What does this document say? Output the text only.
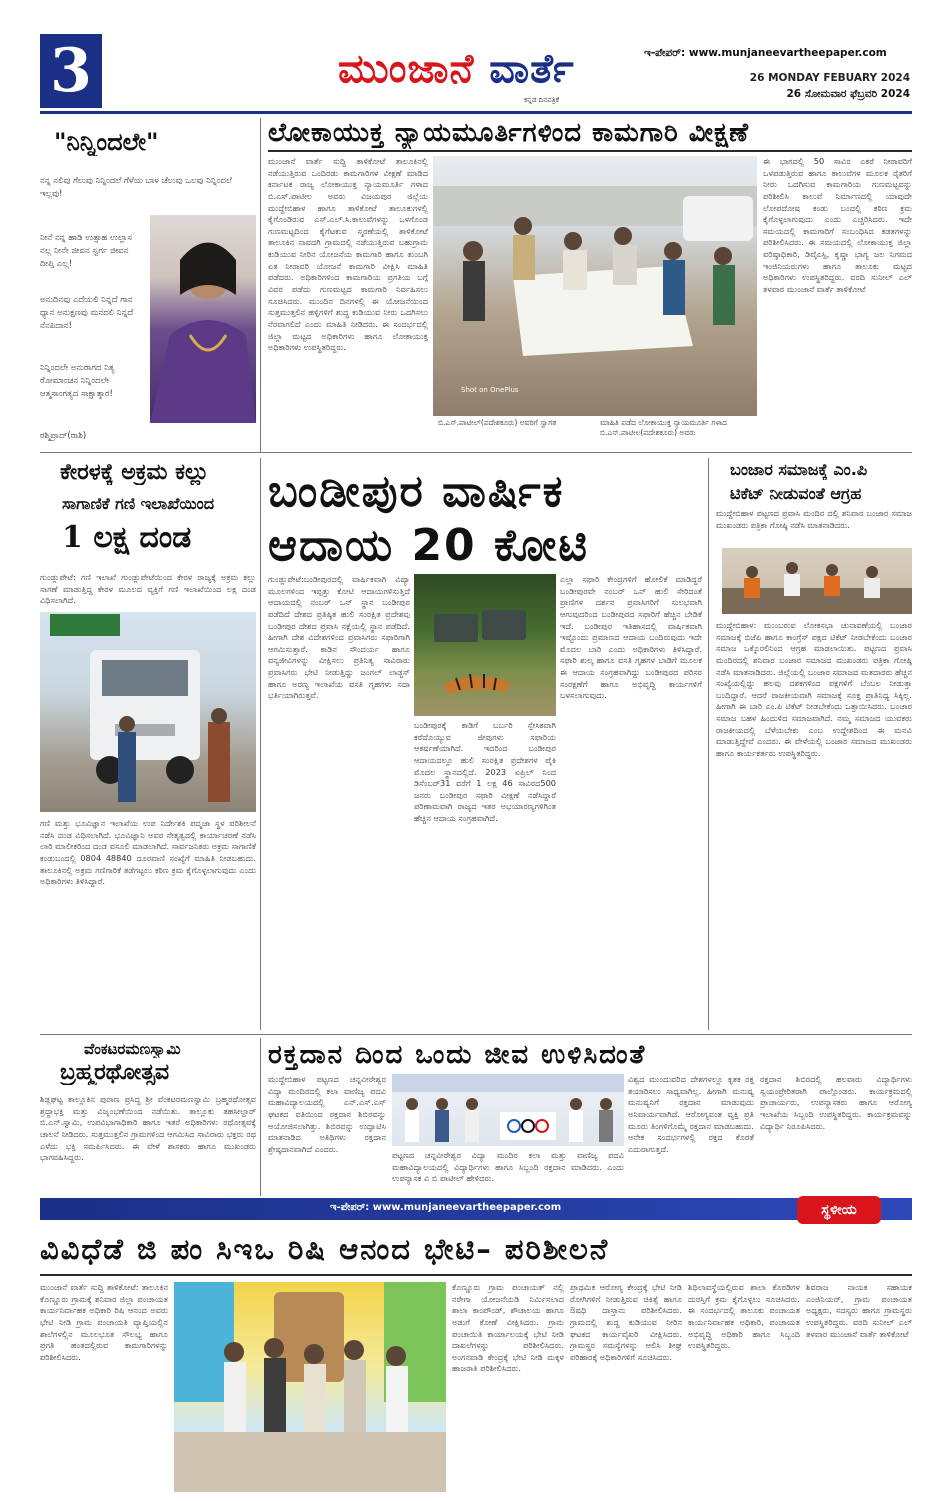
3	ಮುಂಜಾನೆ ವಾರ್ತೆ
ಕನ್ನಡ ದಿನಪತ್ರಿಕೆ
ಇ-ಪೇಪರ್: www.munjaneevartheepaper.com
26 MONDAY FEBUARY 2024
26 ಸೋಮವಾರ ಫೆಬ್ರವರಿ 2024
"ನಿನ್ನಿಂದಲೇ"
ನನ್ನ ನಲಿವು ಗೆಲುವು ನಿನ್ನಿಂದಲೆ ಗೆಳೆಯ ಬಾಳ ಚೆಲುವು ಒಲವು ನಿನ್ನಿಂದಲೆ ಇಲ್ಲವು!
ನೀನೆ ನನ್ನ ಹಾಡಿ ಉತ್ಸಾಹ ಉಲ್ಲಾಸ ನಲ್ಲ ನೀನೇ ಜೀವನ ಸ್ವರ್ಗ ಜೀವನ ದೀಪ್ತಿ ಎಲ್ಲ!
ಅನುದಿನವು ಎದೆಯಲಿ ನಿನ್ನದೆ ಗಾನ ಧ್ಯಾನ ಅನುಕ್ಷಣವು ಮನದಲಿ ನಿನ್ನದೆ ನೆನಪಿದಾನ!
ನಿನ್ನಿಂದಲೇ ಅನುರಾಗದ ನಿತ್ಯ ರೋಮಾಂಚನ ನಿನ್ನಿಂದಲೇ ಆತ್ಮಸಾಂಗತ್ಯದ ಸಾಕ್ಷಾತ್ಕಾರ!
ರಶ್ಮಿಪ್ರಾದ್(ರಾಶಿ)
ಲೋಕಾಯುಕ್ತ ನ್ಯಾಯಮೂರ್ತಿಗಳಿಂದ ಕಾಮಗಾರಿ ವೀಕ್ಷಣೆ
ಮುಂಜಾನೆ ವಾರ್ತೆ ಸುದ್ದಿ ತಾಳಿಕೋಟೆ ತಾಲೂಕಿನಲ್ಲಿ ನಡೆಯುತ್ತಿರುವ ಒಂದಿರಡು ಕಾಮಗಾರಿಗಳ ವೀಕ್ಷಣೆ ಮಾಡಿದ ಕರ್ನಾಟಕ ರಾಜ್ಯ ಲೋಕಾಯುಕ್ತ ನ್ಯಾಯಮೂರ್ತಿ ಗಳಾದ ಬಿ.ಎಸ್.ಪಾಟೀಲ ಅವರು ವಿಜಯಪುರ ಜಿಲ್ಲೆಯ ಮುದ್ದೇಬಿಹಾಳ ಹಾಗೂ ತಾಳಿಕೋಟೆ ತಾಲೂಕುಗಳಲ್ಲಿ ಕೈಗೊಂಡಿರುವ ಎಸ್.ಎಲ್.ಸಿ.ಕಾಲುವೆಗಳನ್ನು ಒಳಗೊಂಡ ಗುಣಮಟ್ಟದಿಂದ ಕೈಗೆಟಕುವ ಸ್ಮರಣೆಯಲ್ಲಿ ತಾಳಿಕೋಟೆ ತಾಲೂಕಿನ ನಾವದಗಿ ಗ್ರಾಮದಲ್ಲಿ ನಡೆಯುತ್ತಿರುವ ಬಹುಗ್ರಾಮ ಕುಡಿಯುವ ನೀರಿನ ಯೋಜನೆಯ ಕಾಮಗಾರಿ ಹಾಗೂ ತುಂಬಗಿ ಏತ ನೀರಾವರಿ ಯೋಜನೆ ಕಾಮಗಾರಿ ವೀಕ್ಷಿಸಿ ಮಾಹಿತಿ ಪಡೆದರು. ಅಧಿಕಾರಿಗಳಿಂದ ಕಾಮಗಾರಿಯ ಪ್ರಗತಿಯ ಬಗ್ಗೆ ವಿವರ ಪಡೆದು ಗುಣಮಟ್ಟದ ಕಾಮಗಾರಿ ನಿರ್ವಹಿಸಲು ಸೂಚಿಸಿದರು. ಮುಂದಿನ ದಿನಗಳಲ್ಲಿ ಈ ಯೋಜನೆಯಿಂದ ಸುತ್ತಮುತ್ತಲಿನ ಹಳ್ಳಿಗಳಿಗೆ ಶುದ್ಧ ಕುಡಿಯುವ ನೀರು ಒದಗಿಸಲು ನೆರವಾಗಲಿದೆ ಎಂದು ಮಾಹಿತಿ ನೀಡಿದರು. ಈ ಸಂದರ್ಭದಲ್ಲಿ ಜಿಲ್ಲಾ ಮಟ್ಟದ ಅಧಿಕಾರಿಗಳು ಹಾಗೂ ಲೋಕಾಯುಕ್ತ ಅಧಿಕಾರಿಗಳು ಉಪಸ್ಥಿತರಿದ್ದರು.
Shot on OnePlus
ಬಿ.ಎಸ್.ಪಾಟೀಲ್(ಪದೇಶಕೂರು) ಅವರಿಗೆ ಸ್ವಾಗತ	ಮಾಹಿತಿ ಪಡೆದ ಲೋಕಾಯುಕ್ತ ನ್ಯಾಯಮೂರ್ತಿ ಗಳಾದ ಬಿ.ಎಸ್.ಪಾಟೀಲ(ಪದೇಶಕೂರು) ಅವರು
ಈ ಭಾಗದಲ್ಲಿ 50 ಸಾವಿರ ಎಕರೆ ನೀರಾವರಿಗೆ ಒಳಪಡುತ್ತಿರುವ ಹಾಗೂ ಕಾಲುವೆಗಳ ಮೂಲಕ ರೈತರಿಗೆ ನೀರು ಒದಗಿಸುವ ಕಾಮಗಾರಿಯ ಗುಣಮಟ್ಟವನ್ನು ಪರಿಶೀಲಿಸಿ ಕಾಲುವೆ ನಿರ್ಮಾಣದಲ್ಲಿ ಯಾವುದೇ ಲೋಪದೋಷ ಕಂಡು ಬಂದಲ್ಲಿ ಕಠಿಣ ಕ್ರಮ ಕೈಗೊಳ್ಳಲಾಗುವುದು ಎಂದು ಎಚ್ಚರಿಸಿದರು. ಇದೇ ಸಮಯದಲ್ಲಿ ಕಾಮಗಾರಿಗೆ ಸಂಬಂಧಿಸಿದ ಕಡತಗಳನ್ನು ಪರಿಶೀಲಿಸಿದರು. ಈ ಸಮಯದಲ್ಲಿ ಲೋಕಾಯುಕ್ತ ಜಿಲ್ಲಾ ವರಿಷ್ಠಾಧಿಕಾರಿ, ಡಿವೈಎಸ್ಪಿ, ಕೃಷ್ಣಾ ಭಾಗ್ಯ ಜಲ ನಿಗಮದ ಇಂಜಿನಿಯರುಗಳು ಹಾಗೂ ತಾಲೂಕು ಮಟ್ಟದ ಅಧಿಕಾರಿಗಳು ಉಪಸ್ಥಿತರಿದ್ದರು. ವರದಿ ಸುನೀಲ್ ಎಲ್ ತಳವಾರ ಮುಂಜಾನೆ ವಾರ್ತೆ ತಾಳಿಕೋಟೆ
ಕೇರಳಕ್ಕೆ ಅಕ್ರಮ ಕಲ್ಲು
ಸಾಗಾಣಿಕೆ ಗಣಿ ಇಲಾಖೆಯಿಂದ
1 ಲಕ್ಷ ದಂಡ
ಗುಂಡ್ಲುಪೇಟೆ: ಗಣಿ ಇಲಾಖೆ ಗುಂಡ್ಲುಪೇಟೆಯಿಂದ ಕೇರಳ ರಾಜ್ಯಕ್ಕೆ ಅಕ್ರಮ ಕಲ್ಲು ಸಾಗಣೆ ಮಾಡುತ್ತಿದ್ದ ಕೇರಳ ಮೂಲದ ವ್ಯಕ್ತಿಗೆ ಗಣಿ ಇಲಾಖೆಯಿಂದ ಲಕ್ಷ ದಂಡ ವಿಧಿಸಲಾಗಿದೆ.
ಗಣಿ ಮತ್ತು ಭೂವಿಜ್ಞಾನ ಇಲಾಖೆಯ ಉಪ ನಿರ್ದೇಶಕಿ ಪದ್ಮಜಾ ಸ್ಥಳ ಪರಿಶೀಲನೆ ನಡೆಸಿ ದಂಡ ವಿಧಿಸಲಾಗಿದೆ. ಭೂವಿಜ್ಞಾನಿ ಅವರ ನೇತೃತ್ವದಲ್ಲಿ ಕಾರ್ಯಾಚರಣೆ ನಡೆಸಿ ಲಾರಿ ಮಾಲೀಕರಿಂದ ದಂಡ ವಸೂಲಿ ಮಾಡಲಾಗಿದೆ. ಸಾರ್ವಜನಿಕರು ಅಕ್ರಮ ಸಾಗಾಣಿಕೆ ಕಂಡುಬಂದಲ್ಲಿ 0804 48840 ದೂರವಾಣಿ ಸಂಖ್ಯೆಗೆ ಮಾಹಿತಿ ನೀಡಬಹುದು. ತಾಲೂಕಿನಲ್ಲಿ ಅಕ್ರಮ ಗಣಿಗಾರಿಕೆ ತಡೆಗಟ್ಟಲು ಕಠಿಣ ಕ್ರಮ ಕೈಗೊಳ್ಳಲಾಗುವುದು ಎಂದು ಅಧಿಕಾರಿಗಳು ತಿಳಿಸಿದ್ದಾರೆ.
ಬಂಡೀಪುರ ವಾರ್ಷಿಕ
ಆದಾಯ 20 ಕೋಟಿ
ಗುಂಡ್ಲುಪೇಟೆ:ಬಂಡೀಪುರದಲ್ಲಿ ವಾರ್ಷಿಕವಾಗಿ ವಿದ್ಯಾ ಮೂಲಗಳಿಂದ ಇಪ್ಪತ್ತು ಕೋಟಿ ಆದಾಯಗಳಿಸುತ್ತಿದೆ ಆದಾಯದಲ್ಲಿ ನಂಬರ್ ಒನ್ ಸ್ಥಾನ ಬಂಡೀಪುರ ಪಡೆದಿದೆ ದೇಶದ ಪ್ರತಿಷ್ಠಿತ ಹುಲಿ ಸಂರಕ್ಷಿತ ಪ್ರದೇಶವು ಬಂಡೀಪುರ ದೇಶದ ಪ್ರವಾಸಿ ನಕ್ಷೆಯಲ್ಲಿ ಸ್ಥಾನ ಪಡೆದಿದೆ. ಹೀಗಾಗಿ ದೇಶ ವಿದೇಶಗಳಿಂದ ಪ್ರವಾಸಿಗರು ಸಫಾರಿಗಾಗಿ ಆಗಮಿಸುತ್ತಾರೆ. ಕಾಡಿನ ಸೌಂದರ್ಯ ಹಾಗೂ ವನ್ಯಜೀವಿಗಳನ್ನು ವೀಕ್ಷಿಸಲು ಪ್ರತಿನಿತ್ಯ ಸಾವಿರಾರು ಪ್ರವಾಸಿಗರು ಭೇಟಿ ನೀಡುತ್ತಿದ್ದು ಜಂಗಲ್ ಲಾಡ್ಜಸ್ ಹಾಗೂ ಅರಣ್ಯ ಇಲಾಖೆಯ ವಸತಿ ಗೃಹಗಳು ಸದಾ ಭರ್ತಿಯಾಗಿರುತ್ತವೆ.
ಬಂಡೀಪುರಕ್ಕೆ ಕಾಡಿಗೆ ಬರ್ಬರಿ ಸ್ಫೇಸಿಕವಾಗಿ ಕರೆದೊಯ್ಯುವ ಜೀಪುಗಳು ಸಫಾರಿಯ ಆಕರ್ಷಣೆಯಾಗಿದೆ. ಇದರಿಂದ ಬಂಡೀಪುರ ಆದಾಯದಲ್ಲೂ ಹುಲಿ ಸಂರಕ್ಷಿತ ಪ್ರದೇಶಗಳ ಪೈಕಿ ಮೊದಲ ಸ್ಥಾನದಲ್ಲಿದೆ. 2023 ಏಪ್ರಿಲ್ ನಿಂದ ಡಿಸೆಂಬರ್31 ವರೆಗೆ 1 ಲಕ್ಷ 46 ಸಾವಿರದ500 ಜನರು ಬಂಡೀಪುರ ಸಫಾರಿ ವೀಕ್ಷಣೆ ನಡೆಸಿದ್ದಾರೆ ಪರಿಣಾಮವಾಗಿ ರಾಜ್ಯದ ಇತರ ಅಭಯಾರಣ್ಯಗಳಿಗಿಂತ ಹೆಚ್ಚಿನ ಆದಾಯ ಸಂಗ್ರಹವಾಗಿದೆ.
ಎಲ್ಲಾ ಸಫಾರಿ ಕೇಂದ್ರಗಳಿಗೆ ಹೋಲಿಕೆ ಮಾಡಿದ್ದರೆ ಬಂಡೀಪುರವೇ ನಂಬರ್ ಒನ್ ಹುಲಿ ಸೇರಿದಂತೆ ಪ್ರಾಣಿಗಳ ದರ್ಶನ ಪ್ರವಾಸಿಗರಿಗೆ ಸುಲಭವಾಗಿ ಆಗುವುದರಿಂದ ಬಂಡೀಪುರದ ಸಫಾರಿಗೆ ಹೆಚ್ಚಿನ ಬೇಡಿಕೆ ಇದೆ. ಬಂಡೀಪುರ ಇತಿಹಾಸದಲ್ಲಿ ವಾರ್ಷಿಕವಾಗಿ ಇಷ್ಟೊಂದು ಪ್ರಮಾಣದ ಆದಾಯ ಬಂದಿರುವುದು ಇದೇ ಮೊದಲ ಬಾರಿ ಎಂದು ಅಧಿಕಾರಿಗಳು ತಿಳಿಸಿದ್ದಾರೆ. ಸಫಾರಿ ಶುಲ್ಕ ಹಾಗೂ ವಸತಿ ಗೃಹಗಳ ಬಾಡಿಗೆ ಮೂಲಕ ಈ ಆದಾಯ ಸಂಗ್ರಹವಾಗಿದ್ದು ಬಂಡೀಪುರದ ಪರಿಸರ ಸಂರಕ್ಷಣೆಗೆ ಹಾಗೂ ಅಭಿವೃದ್ಧಿ ಕಾರ್ಯಗಳಿಗೆ ಬಳಸಲಾಗುವುದು.
ಬಂಜಾರ ಸಮಾಜಕ್ಕೆ ಎಂ.ಪಿ
ಟಿಕೆಟ್ ನೀಡುವಂತೆ ಆಗ್ರಹ
ಮುದ್ದೇಬಿಹಾಳ ಪಟ್ಟಣದ ಪ್ರವಾಸಿ ಮಂದಿರ ದಲ್ಲಿ ಶನಿವಾರ ಬಂಜಾರ ಸಮಾಜ ಮುಖಂಡರು ಪತ್ರಿಕಾ ಗೋಷ್ಠಿ ನಡೆಸಿ ಮಾತನಾಡಿದರು.
ಮುದ್ದೇಬಿಹಾಳ: ಮುಂಬರುವ ಲೋಕಸಭಾ ಚುನಾವಣೆಯಲ್ಲಿ ಬಂಜಾರ ಸಮಾಜಕ್ಕೆ ಬಿಜೆಪಿ ಹಾಗೂ ಕಾಂಗ್ರೆಸ್ ಪಕ್ಷದ ಟಿಕೆಟ್ ನೀಡಬೇಕೆಂದು ಬಂಜಾರ ಸಮಾಜ ಒಕ್ಕೊರಲಿನಿಂದ ಆಗ್ರಹ ಮಾಡಲಾಯಿತು. ಪಟ್ಟಣದ ಪ್ರವಾಸಿ ಮಂದಿರದಲ್ಲಿ ಶನಿವಾರ ಬಂಜಾರ ಸಮಾಜದ ಮುಖಂಡರು ಪತ್ರಿಕಾ ಗೋಷ್ಠಿ ನಡೆಸಿ ಮಾತನಾಡಿದರು. ಜಿಲ್ಲೆಯಲ್ಲಿ ಬಂಜಾರ ಸಮಾಜದ ಮತದಾರರು ಹೆಚ್ಚಿನ ಸಂಖ್ಯೆಯಲ್ಲಿದ್ದು ಹಲವು ದಶಕಗಳಿಂದ ಪಕ್ಷಗಳಿಗೆ ಬೆಂಬಲ ನೀಡುತ್ತಾ ಬಂದಿದ್ದಾರೆ. ಆದರೆ ರಾಜಕೀಯವಾಗಿ ಸಮಾಜಕ್ಕೆ ಸೂಕ್ತ ಪ್ರಾತಿನಿಧ್ಯ ಸಿಕ್ಕಿಲ್ಲ. ಹೀಗಾಗಿ ಈ ಬಾರಿ ಎಂ.ಪಿ ಟಿಕೆಟ್ ನೀಡಬೇಕೆಂದು ಒತ್ತಾಯಿಸಿದರು. ಬಂಜಾರ ಸಮಾಜ ಬಹಳ ಹಿಂದುಳಿದ ಸಮಾಜವಾಗಿದೆ. ನಮ್ಮ ಸಮಾಜದ ಯುವಕರು ರಾಜಕೀಯದಲ್ಲಿ ಬೆಳೆಯಬೇಕು ಎಂಬ ಉದ್ದೇಶದಿಂದ ಈ ಮನವಿ ಮಾಡುತ್ತಿದ್ದೇವೆ ಎಂದರು. ಈ ವೇಳೆಯಲ್ಲಿ ಬಂಜಾರ ಸಮಾಜದ ಮುಖಂಡರು ಹಾಗೂ ಕಾರ್ಯಕರ್ತರು ಉಪಸ್ಥಿತರಿದ್ದರು.
ವೆಂಕಟರಮಣಸ್ವಾಮಿ
ಬ್ರಹ್ಮರಥೋತ್ಸವ
ಶಿಡ್ಲಘಟ್ಟ ತಾಲ್ಲೂಕಿನ ಪುರಾಣ ಪ್ರಸಿದ್ಧ ಶ್ರೀ ವೆಂಕಟರಮಣಸ್ವಾಮಿ ಬ್ರಹ್ಮರಥೋತ್ಸವ ಶ್ರದ್ಧಾಭಕ್ತಿ ಮತ್ತು ವಿಜೃಂಭಣೆಯಿಂದ ನಡೆಯಿತು. ತಾಲ್ಲೂಕು ತಹಸೀಲ್ದಾರ್ ಬಿ.ಎನ್.ಸ್ವಾಮಿ, ಉಪವಿಭಾಗಾಧಿಕಾರಿ ಹಾಗೂ ಇತರೆ ಅಧಿಕಾರಿಗಳು ರಥೋತ್ಸವಕ್ಕೆ ಚಾಲನೆ ನೀಡಿದರು. ಸುತ್ತಮುತ್ತಲಿನ ಗ್ರಾಮಗಳಿಂದ ಆಗಮಿಸಿದ ಸಾವಿರಾರು ಭಕ್ತರು ರಥ ಎಳೆದು ಭಕ್ತಿ ಸಮರ್ಪಿಸಿದರು. ಈ ವೇಳೆ ಶಾಸಕರು ಹಾಗೂ ಮುಖಂಡರು ಭಾಗವಹಿಸಿದ್ದರು.
ರಕ್ತದಾನ ದಿಂದ ಒಂದು ಜೀವ ಉಳಿಸಿದಂತೆ
ಮುದ್ದೇಬಿಹಾಳ ಪಟ್ಟಣದ ಚನ್ನವೀರೇಶ್ವರ ವಿದ್ಯಾ ಮಂದಿರದಲ್ಲಿ ಕಲಾ ವಾಣಿಜ್ಯ ಪದವಿ ಮಹಾವಿದ್ಯಾಲಯದಲ್ಲಿ ಎನ್.ಎಸ್.ಎಸ್ ಘಟಕದ ವತಿಯಿಂದ ರಕ್ತದಾನ ಶಿಬಿರವನ್ನು ಆಯೋಜಿಸಲಾಗಿತ್ತು. ಶಿಬಿರವನ್ನು ಉದ್ಘಾಟಿಸಿ ಮಾತನಾಡಿದ ಅತಿಥಿಗಳು ರಕ್ತದಾನ ಶ್ರೇಷ್ಠದಾನವಾಗಿದೆ ಎಂದರು.
ಪಟ್ಟಣದ ಚನ್ನವೀರೇಶ್ವರ ವಿದ್ಯಾ ಮಂದಿರ ಕಲಾ ಮತ್ತು ವಾಣಿಜ್ಯ ಪದವಿ ಮಹಾವಿದ್ಯಾಲಯದಲ್ಲಿ ವಿದ್ಯಾರ್ಥಿಗಳು ಹಾಗೂ ಸಿಬ್ಬಂದಿ ರಕ್ತದಾನ ಮಾಡಿದರು. ಎಂದು ಉಪನ್ಯಾಸಕ ವಿ ಬಿ ಪಾಟೀಲ್ ಹೇಳಿದರು.
ವಿಶ್ವದ ಮುಂದುವರಿದ ದೇಶಗಳಲ್ಲೂ ಕೃತಕ ರಕ್ತ ತಯಾರಿಸಲು ಸಾಧ್ಯವಾಗಿಲ್ಲ. ಹೀಗಾಗಿ ಮನುಷ್ಯ ಮನುಷ್ಯನಿಗೆ ರಕ್ತದಾನ ಮಾಡುವುದು ಅನಿವಾರ್ಯವಾಗಿದೆ. ಆರೋಗ್ಯವಂತ ವ್ಯಕ್ತಿ ಪ್ರತಿ ಮೂರು ತಿಂಗಳಿಗೊಮ್ಮೆ ರಕ್ತದಾನ ಮಾಡಬಹುದು. ಅನೇಕ ಸಂದರ್ಭಗಳಲ್ಲಿ ರಕ್ತದ ಕೊರತೆ ಎದುರಾಗುತ್ತದೆ.
ರಕ್ತದಾನ ಶಿಬಿರದಲ್ಲಿ ಹಲವಾರು ವಿದ್ಯಾರ್ಥಿಗಳು ಸ್ವಯಂಪ್ರೇರಿತರಾಗಿ ಪಾಲ್ಗೊಂಡರು. ಕಾರ್ಯಕ್ರಮದಲ್ಲಿ ಪ್ರಾಚಾರ್ಯರು, ಉಪನ್ಯಾಸಕರು ಹಾಗೂ ಆರೋಗ್ಯ ಇಲಾಖೆಯ ಸಿಬ್ಬಂದಿ ಉಪಸ್ಥಿತರಿದ್ದರು. ಕಾರ್ಯಕ್ರಮವನ್ನು ವಿದ್ಯಾರ್ಥಿ ನಿರೂಪಿಸಿದರು.
ಇ-ಪೇಪರ್: www.munjaneevartheepaper.com	ಸ್ಥಳೀಯ
ವಿವಿಧೆಡೆ ಜಿ ಪಂ ಸಿಇಒ ರಿಷಿ ಆನಂದ ಭೇಟಿ– ಪರಿಶೀಲನೆ
ಮುಂಜಾನೆ ವಾರ್ತೆ ಸುದ್ದಿ ತಾಳಿಕೋಟೆ: ತಾಲೂಕಿನ ಕೊಣ್ಣೂರು ಗ್ರಾಮಕ್ಕೆ ಶನಿವಾರ ಜಿಲ್ಲಾ ಪಂಚಾಯತ ಕಾರ್ಯನಿರ್ವಾಹಕ ಅಧಿಕಾರಿ ರಿಷಿ ಆನಂದ ಅವರು ಭೇಟಿ ನೀಡಿ ಗ್ರಾಮ ಪಂಚಾಯತಿ ವ್ಯಾಪ್ತಿಯಲ್ಲಿನ ಶಾಲೆಗಳಲ್ಲಿನ ಮೂಲಭೂತ ಸೌಲಭ್ಯ ಹಾಗೂ ಪ್ರಗತಿ ಹಂತದಲ್ಲಿರುವ ಕಾಮಗಾರಿಗಳನ್ನು ಪರಿಶೀಲಿಸಿದರು.
ಕೊಣ್ಣೂರು ಗ್ರಾಮ ಪಂಚಾಯತ್ ನಲ್ಲಿ ನರೇಗಾ ಯೋಜನೆಯಡಿ ನಿರ್ಮಿಸಲಾದ ಶಾಲಾ ಕಾಂಪೌಂಡ್, ಶೌಚಾಲಯ ಹಾಗೂ ಅಡುಗೆ ಕೋಣೆ ವೀಕ್ಷಿಸಿದರು. ಗ್ರಾಮ ಪಂಚಾಯಿತಿ ಕಾರ್ಯಾಲಯಕ್ಕೆ ಭೇಟಿ ನೀಡಿ ದಾಖಲೆಗಳನ್ನು ಪರಿಶೀಲಿಸಿದರು. ಅಂಗನವಾಡಿ ಕೇಂದ್ರಕ್ಕೆ ಭೇಟಿ ನೀಡಿ ಮಕ್ಕಳ ಹಾಜರಾತಿ ಪರಿಶೀಲಿಸಿದರು.
ಪ್ರಾಥಮಿಕ ಆರೋಗ್ಯ ಕೇಂದ್ರಕ್ಕೆ ಭೇಟಿ ನೀಡಿ ರೋಗಿಗಳಿಗೆ ನೀಡುತ್ತಿರುವ ಚಿಕಿತ್ಸೆ ಹಾಗೂ ಔಷಧಿ ದಾಸ್ತಾನು ಪರಿಶೀಲಿಸಿದರು. ಗ್ರಾಮದಲ್ಲಿ ಶುದ್ಧ ಕುಡಿಯುವ ನೀರಿನ ಘಟಕದ ಕಾರ್ಯವೈಖರಿ ವೀಕ್ಷಿಸಿದರು. ಗ್ರಾಮಸ್ಥರ ಸಮಸ್ಯೆಗಳನ್ನು ಆಲಿಸಿ ಶೀಘ್ರ ಪರಿಹಾರಕ್ಕೆ ಅಧಿಕಾರಿಗಳಿಗೆ ಸೂಚಿಸಿದರು.
ಶಿಥಿಲಾವಸ್ಥೆಯಲ್ಲಿರುವ ಶಾಲಾ ಕೊಠಡಿಗಳ ದುರಸ್ತಿಗೆ ಕ್ರಮ ಕೈಗೊಳ್ಳಲು ಸೂಚಿಸಿದರು. ಈ ಸಂದರ್ಭದಲ್ಲಿ ತಾಲೂಕು ಪಂಚಾಯತ ಕಾರ್ಯನಿರ್ವಾಹಕ ಅಧಿಕಾರಿ, ಪಂಚಾಯತ ಅಭಿವೃದ್ಧಿ ಅಧಿಕಾರಿ ಹಾಗೂ ಸಿಬ್ಬಂದಿ ಉಪಸ್ಥಿತರಿದ್ದರು.
ಶಿವರಾಜ ನಾಯಕ ಸಹಾಯಕ ಎಂಜಿನಿಯರ್, ಗ್ರಾಮ ಪಂಚಾಯತ ಅಧ್ಯಕ್ಷರು, ಸದಸ್ಯರು ಹಾಗೂ ಗ್ರಾಮಸ್ಥರು ಉಪಸ್ಥಿತರಿದ್ದರು. ವರದಿ ಸುನೀಲ್ ಎಲ್ ತಳವಾರ ಮುಂಜಾನೆ ವಾರ್ತೆ ತಾಳಿಕೋಟೆ
